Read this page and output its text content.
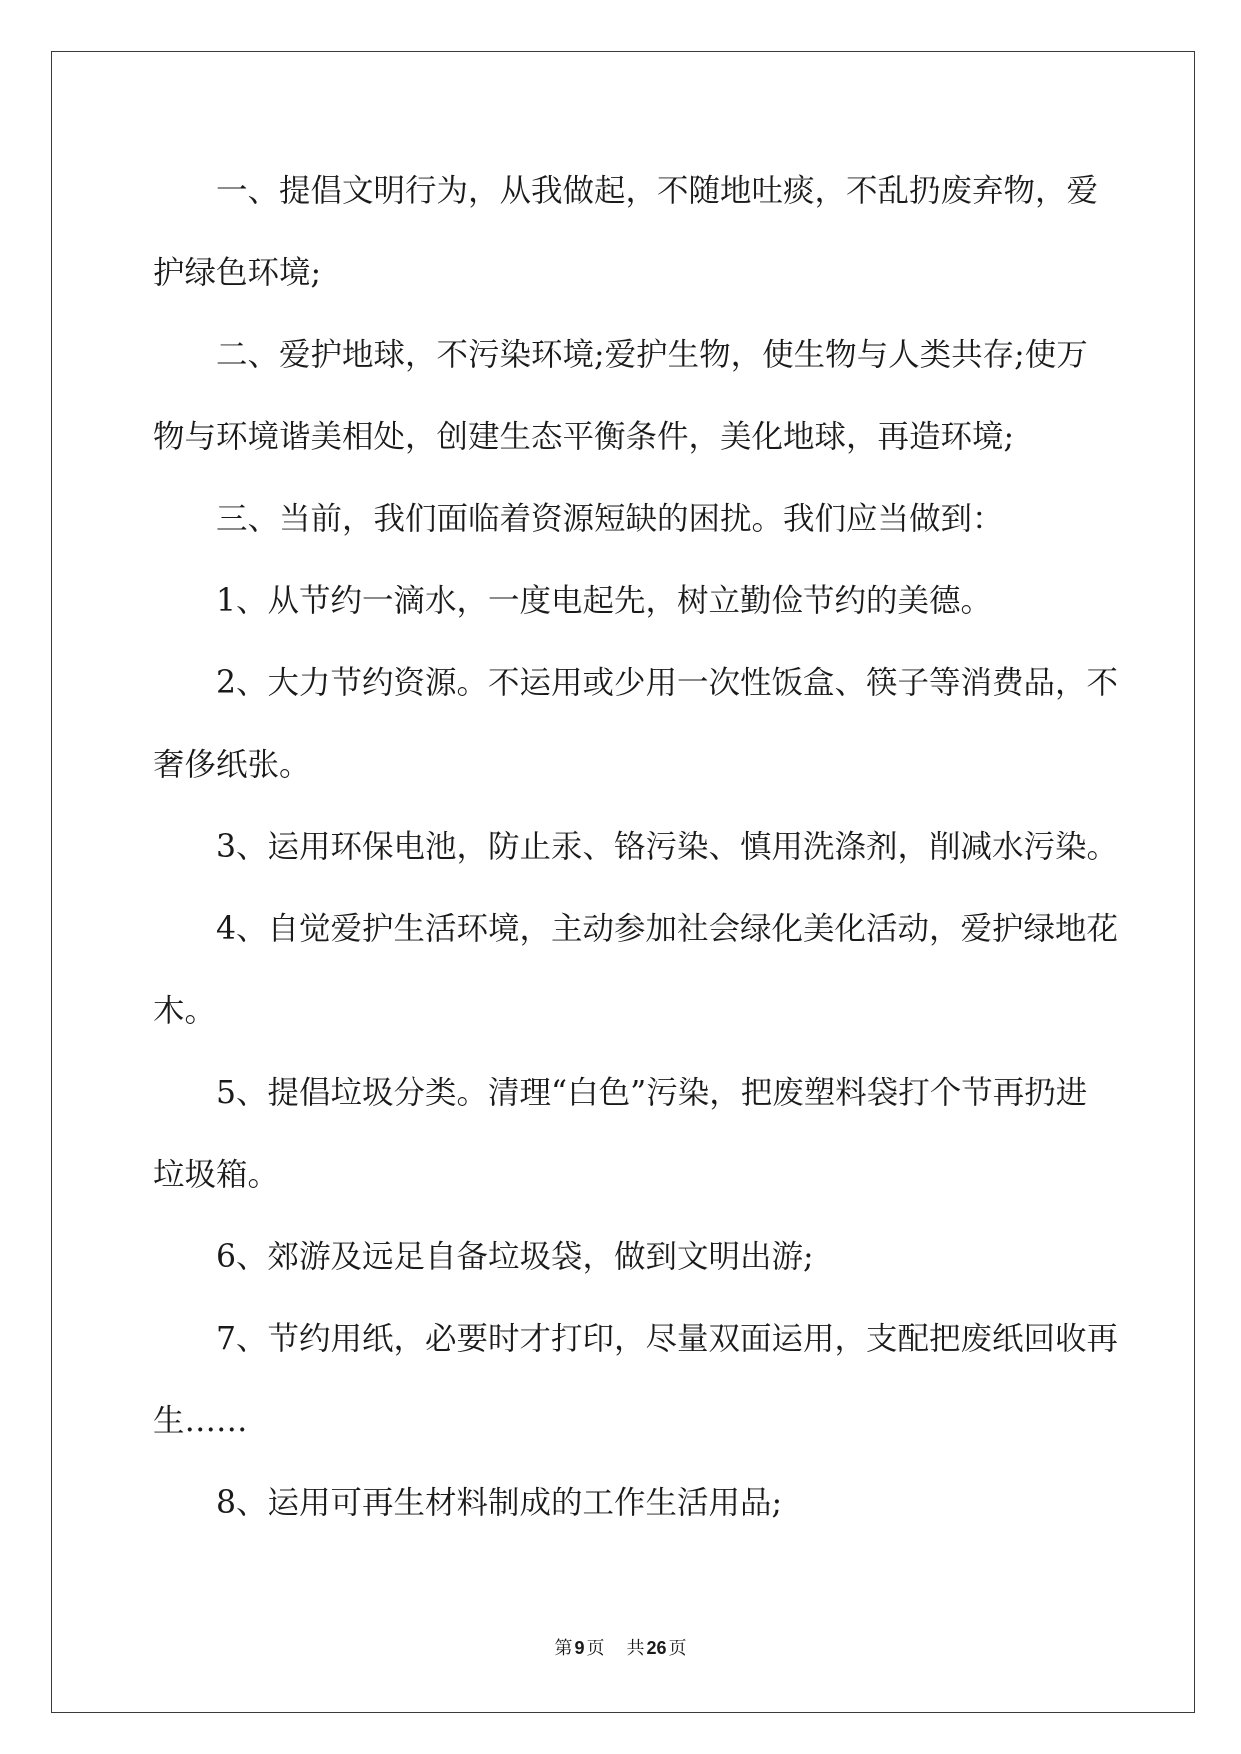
一、提倡文明行为，从我做起，不随地吐痰，不乱扔废弃物，爱
护绿色环境;
二、爱护地球，不污染环境;爱护生物，使生物与人类共存;使万
物与环境谐美相处，创建生态平衡条件，美化地球，再造环境;
三、当前，我们面临着资源短缺的困扰。我们应当做到：
1、从节约一滴水，一度电起先，树立勤俭节约的美德。
2、大力节约资源。不运用或少用一次性饭盒、筷子等消费品，不
奢侈纸张。
3、运用环保电池，防止汞、铬污染、慎用洗涤剂，削减水污染。
4、自觉爱护生活环境，主动参加社会绿化美化活动，爱护绿地花
木。
5、提倡垃圾分类。清理“白色”污染，把废塑料袋打个节再扔进
垃圾箱。
6、郊游及远足自备垃圾袋，做到文明出游;
7、节约用纸，必要时才打印，尽量双面运用，支配把废纸回收再
生……
8、运用可再生材料制成的工作生活用品;
第 9 页 共 26 页
